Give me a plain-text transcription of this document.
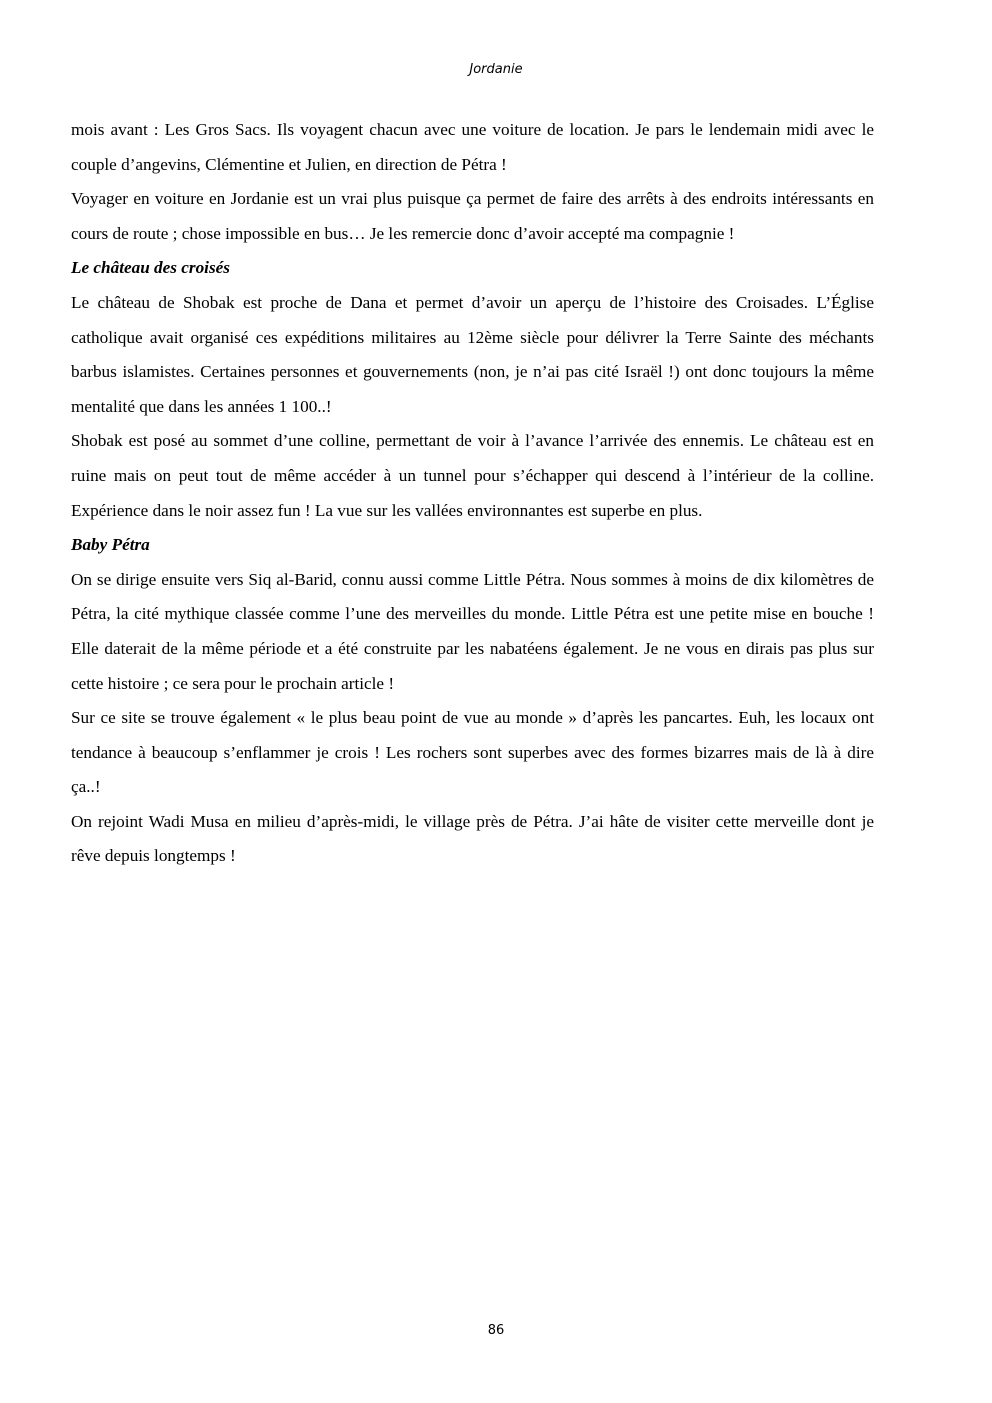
Jordanie

mois avant : Les Gros Sacs. Ils voyagent chacun avec une voiture de location. Je pars le lendemain midi avec le couple d’angevins, Clémentine et Julien, en direction de Pétra !

Voyager en voiture en Jordanie est un vrai plus puisque ça permet de faire des arrêts à des endroits intéressants en cours de route ; chose impossible en bus… Je les remercie donc d’avoir accepté ma compagnie !

Le château des croisés

Le château de Shobak est proche de Dana et permet d’avoir un aperçu de l’histoire des Croisades. L’Église catholique avait organisé ces expéditions militaires au 12ème siècle pour délivrer la Terre Sainte des méchants barbus islamistes. Certaines personnes et gouvernements (non, je n’ai pas cité Israël !) ont donc toujours la même mentalité que dans les années 1 100..!

Shobak est posé au sommet d’une colline, permettant de voir à l’avance l’arrivée des ennemis. Le château est en ruine mais on peut tout de même accéder à un tunnel pour s’échapper qui descend à l’intérieur de la colline. Expérience dans le noir assez fun ! La vue sur les vallées environnantes est superbe en plus.

Baby Pétra

On se dirige ensuite vers Siq al-Barid, connu aussi comme Little Pétra. Nous sommes à moins de dix kilomètres de Pétra, la cité mythique classée comme l’une des merveilles du monde. Little Pétra est une petite mise en bouche ! Elle daterait de la même période et a été construite par les nabatéens également. Je ne vous en dirais pas plus sur cette histoire ; ce sera pour le prochain article !

Sur ce site se trouve également « le plus beau point de vue au monde » d’après les pancartes. Euh, les locaux ont tendance à beaucoup s’enflammer je crois ! Les rochers sont superbes avec des formes bizarres mais de là à dire ça..!

On rejoint Wadi Musa en milieu d’après-midi, le village près de Pétra. J’ai hâte de visiter cette merveille dont je rêve depuis longtemps !

86
